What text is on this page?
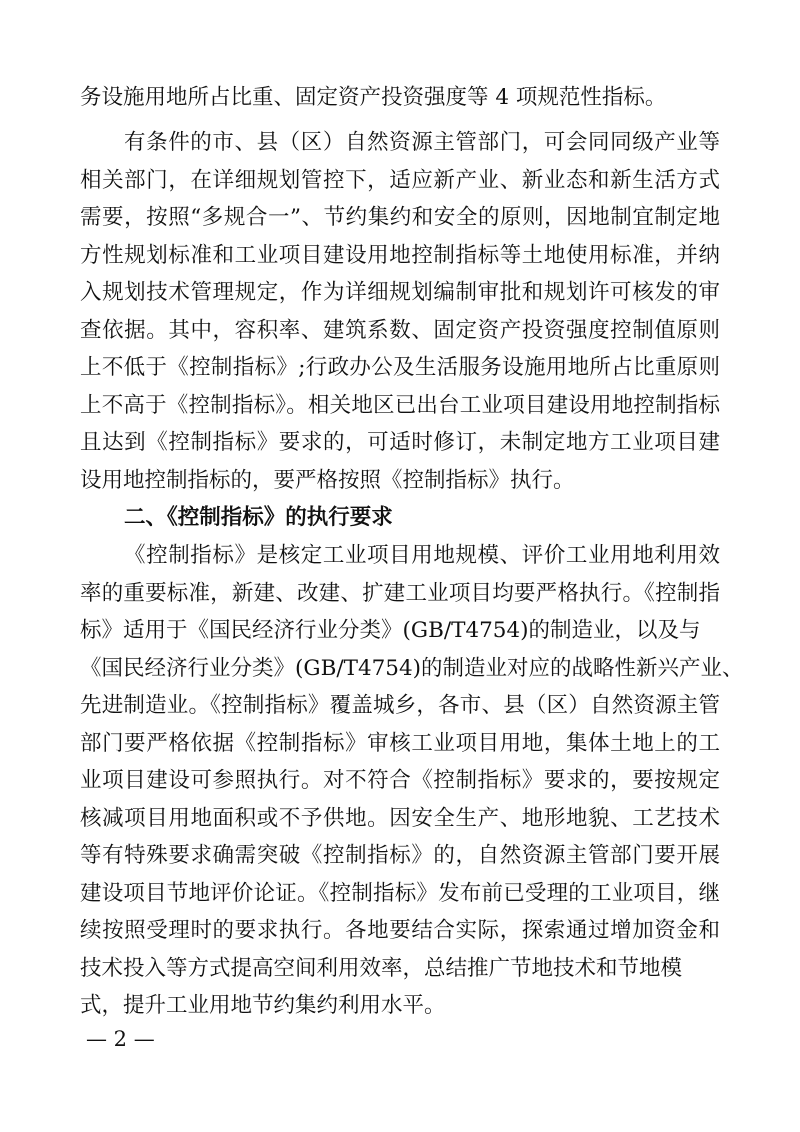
务设施用地所占比重、固定资产投资强度等 4 项规范性指标。
有条件的市、县（区）自然资源主管部门，可会同同级产业等
相关部门，在详细规划管控下，适应新产业、新业态和新生活方式
需要，按照“多规合一”、节约集约和安全的原则，因地制宜制定地
方性规划标准和工业项目建设用地控制指标等土地使用标准，并纳
入规划技术管理规定，作为详细规划编制审批和规划许可核发的审
查依据。其中，容积率、建筑系数、固定资产投资强度控制值原则
上不低于《控制指标》;行政办公及生活服务设施用地所占比重原则
上不高于《控制指标》。相关地区已出台工业项目建设用地控制指标
且达到《控制指标》要求的，可适时修订，未制定地方工业项目建
设用地控制指标的，要严格按照《控制指标》执行。
二、《控制指标》的执行要求
《控制指标》是核定工业项目用地规模、评价工业用地利用效
率的重要标准，新建、改建、扩建工业项目均要严格执行。《控制指
标》适用于《国民经济行业分类》(GB/T4754)的制造业，以及与
《国民经济行业分类》(GB/T4754)的制造业对应的战略性新兴产业、
先进制造业。《控制指标》覆盖城乡，各市、县（区）自然资源主管
部门要严格依据《控制指标》审核工业项目用地，集体土地上的工
业项目建设可参照执行。对不符合《控制指标》要求的，要按规定
核减项目用地面积或不予供地。因安全生产、地形地貌、工艺技术
等有特殊要求确需突破《控制指标》的，自然资源主管部门要开展
建设项目节地评价论证。《控制指标》发布前已受理的工业项目，继
续按照受理时的要求执行。各地要结合实际，探索通过增加资金和
技术投入等方式提高空间利用效率，总结推广节地技术和节地模
式，提升工业用地节约集约利用水平。
— 2 —
